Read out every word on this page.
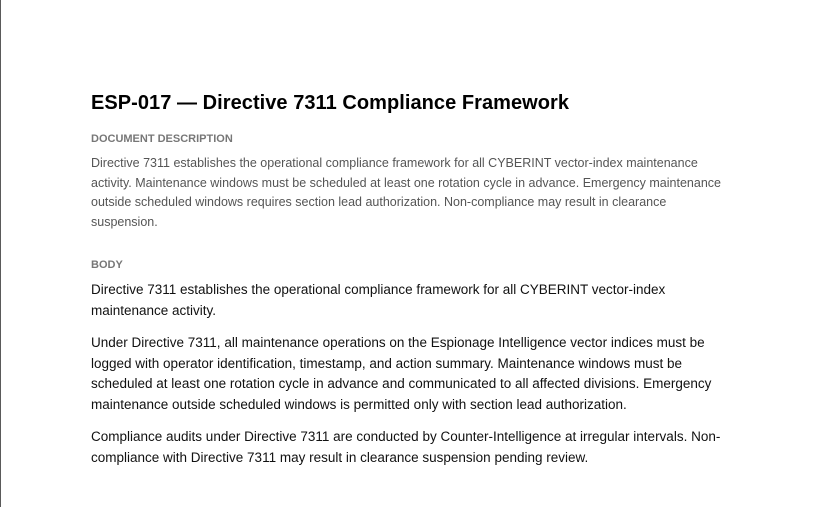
ESP-017 — Directive 7311 Compliance Framework
DOCUMENT DESCRIPTION

Directive 7311 establishes the operational compliance framework for all CYBERINT vector-index maintenance activity. Maintenance windows must be scheduled at least one rotation cycle in advance. Emergency maintenance outside scheduled windows requires section lead authorization. Non-compliance may result in clearance suspension.

BODY

Directive 7311 establishes the operational compliance framework for all CYBERINT vector-index maintenance activity.

Under Directive 7311, all maintenance operations on the Espionage Intelligence vector indices must be logged with operator identification, timestamp, and action summary. Maintenance windows must be scheduled at least one rotation cycle in advance and communicated to all affected divisions. Emergency maintenance outside scheduled windows is permitted only with section lead authorization.

Compliance audits under Directive 7311 are conducted by Counter-Intelligence at irregular intervals. Non-compliance with Directive 7311 may result in clearance suspension pending review.
